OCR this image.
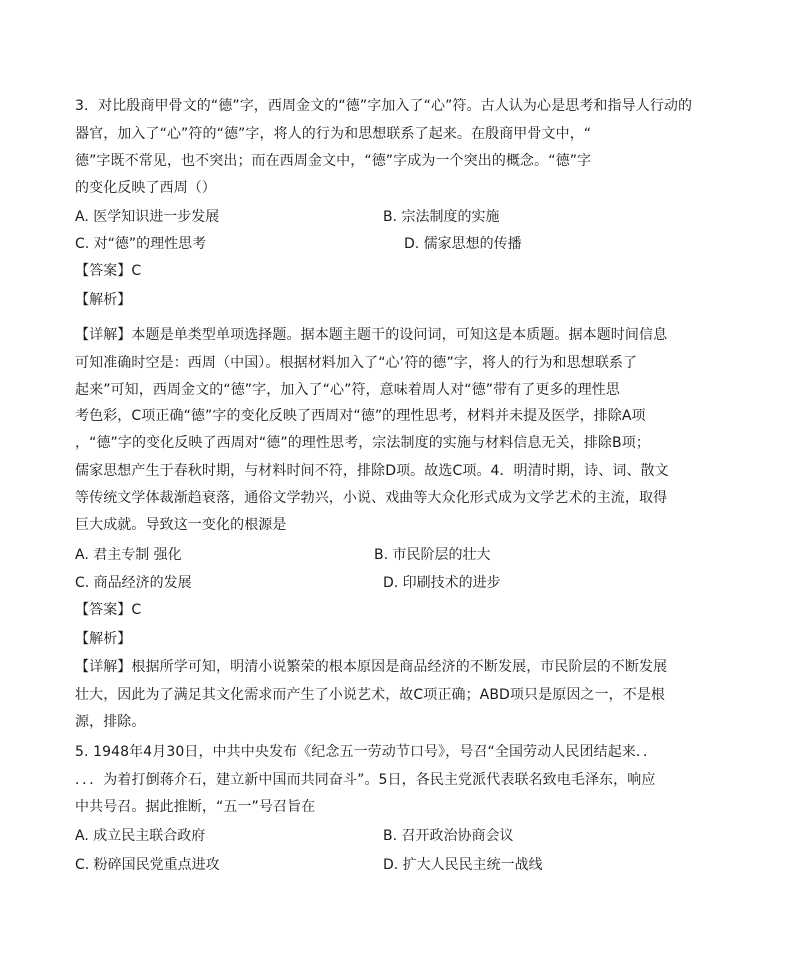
3．对比殷商甲骨文的“德”字，西周金文的“德”字加入了“心”符。古人认为心是思考和指导人行动的
器官，加入了“心”符的“德”字，将人的行为和思想联系了起来。在殷商甲骨文中，“
德”字既不常见，也不突出；而在西周金文中，“德”字成为一个突出的概念。“德”字
的变化反映了西周（）
A. 医学知识进一步发展	B. 宗法制度的实施
C. 对“德”的理性思考	D. 儒家思想的传播
【答案】C
【解析】
【详解】本题是单类型单项选择题。据本题主题干的设问词，可知这是本质题。据本题时间信息
可知准确时空是：西周（中国）。根据材料加入了“心’符的德”字，将人的行为和思想联系了
起来”可知，西周金文的“德”字，加入了“心”符，意味着周人对“德”带有了更多的理性思
考色彩，C项正确“德”字的变化反映了西周对“德”的理性思考，材料并未提及医学，排除A项
，“德”字的变化反映了西周对“德”的理性思考，宗法制度的实施与材料信息无关，排除B项；
儒家思想产生于春秋时期，与材料时间不符，排除D项。故选C项。4．明清时期，诗、词、散文
等传统文学体裁渐趋衰落，通俗文学勃兴，小说、戏曲等大众化形式成为文学艺术的主流，取得
巨大成就。导致这一变化的根源是
A. 君主专制 强化	B. 市民阶层的壮大
C. 商品经济的发展	D. 印刷技术的进步
【答案】C
【解析】
【详解】根据所学可知，明清小说繁荣的根本原因是商品经济的不断发展，市民阶层的不断发展
壮大，因此为了满足其文化需求而产生了小说艺术，故C项正确；ABD项只是原因之一，不是根
源，排除。
5. 1948年4月30日，中共中央发布《纪念五一劳动节口号》，号召“全国劳动人民团结起来．．
．．．为着打倒蒋介石，建立新中国而共同奋斗”。5日，各民主党派代表联名致电毛泽东，响应
中共号召。据此推断，“五一”号召旨在
A. 成立民主联合政府	B. 召开政治协商会议
C. 粉碎国民党重点进攻	D. 扩大人民民主统一战线
